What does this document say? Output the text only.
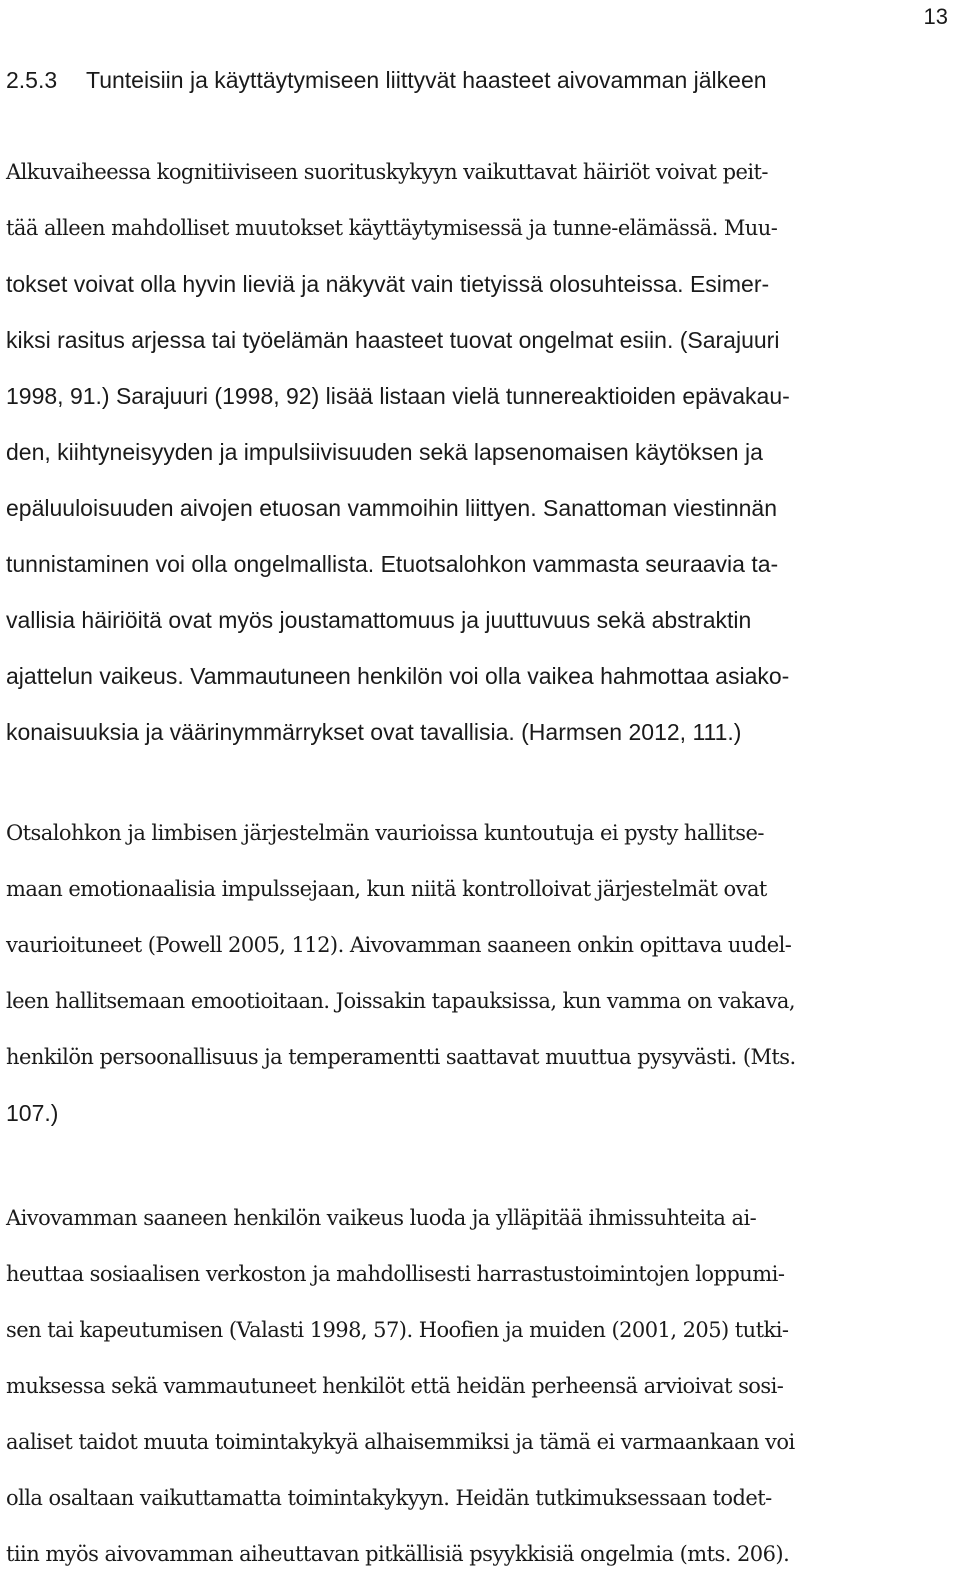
13
2.5.3 Tunteisiin ja käyttäytymiseen liittyvät haasteet aivovamman jälkeen
Alkuvaiheessa kognitiiviseen suorituskykyyn vaikuttavat häiriöt voivat peit-
tää alleen mahdolliset muutokset käyttäytymisessä ja tunne-elämässä. Muu-
tokset voivat olla hyvin lieviä ja näkyvät vain tietyissä olosuhteissa. Esimer-
kiksi rasitus arjessa tai työelämän haasteet tuovat ongelmat esiin. (Sarajuuri
1998, 91.) Sarajuuri (1998, 92) lisää listaan vielä tunnereaktioiden epävakau-
den, kiihtyneisyyden ja impulsiivisuuden sekä lapsenomaisen käytöksen ja
epäluuloisuuden aivojen etuosan vammoihin liittyen. Sanattoman viestinnän
tunnistaminen voi olla ongelmallista. Etuotsalohkon vammasta seuraavia ta-
vallisia häiriöitä ovat myös joustamattomuus ja juuttuvuus sekä abstraktin
ajattelun vaikeus. Vammautuneen henkilön voi olla vaikea hahmottaa asiako-
konaisuuksia ja väärinymmärrykset ovat tavallisia. (Harmsen 2012, 111.)
Otsalohkon ja limbisen järjestelmän vaurioissa kuntoutuja ei pysty hallitse-
maan emotionaalisia impulssejaan, kun niitä kontrolloivat järjestelmät ovat
vaurioituneet (Powell 2005, 112). Aivovamman saaneen onkin opittava uudel-
leen hallitsemaan emootioitaan. Joissakin tapauksissa, kun vamma on vakava,
henkilön persoonallisuus ja temperamentti saattavat muuttua pysyvästi. (Mts.
107.)
Aivovamman saaneen henkilön vaikeus luoda ja ylläpitää ihmissuhteita ai-
heuttaa sosiaalisen verkoston ja mahdollisesti harrastustoimintojen loppumi-
sen tai kapeutumisen (Valasti 1998, 57). Hoofien ja muiden (2001, 205) tutki-
muksessa sekä vammautuneet henkilöt että heidän perheensä arvioivat sosi-
aaliset taidot muuta toimintakykyä alhaisemmiksi ja tämä ei varmaankaan voi
olla osaltaan vaikuttamatta toimintakykyyn. Heidän tutkimuksessaan todet-
tiin myös aivovamman aiheuttavan pitkällisiä psyykkisiä ongelmia (mts. 206).
